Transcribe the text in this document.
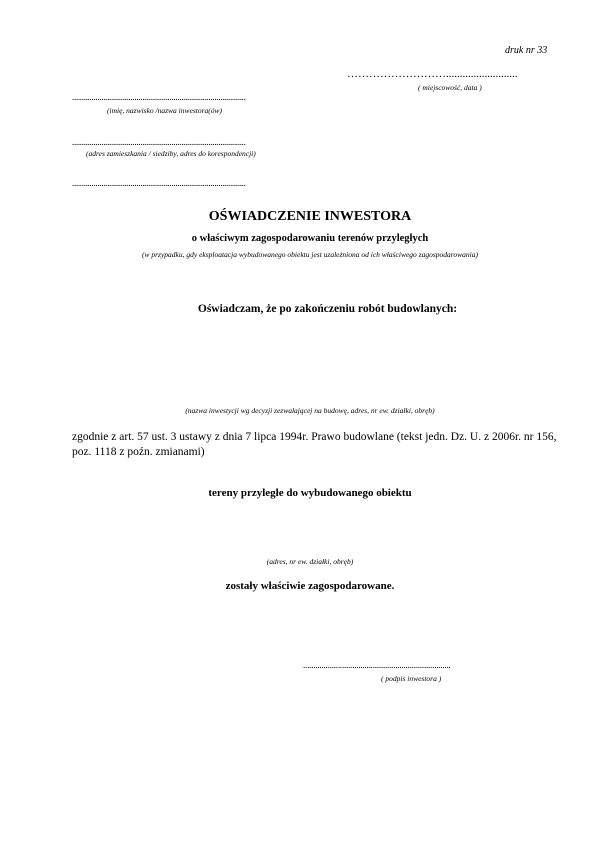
druk nr 33
………………………..........................
( miejscowość, data )
.........................................................................................
(imię, nazwisko /nazwa inwestora(ów)
.........................................................................................
(adres zamieszkania / siedziby, adres do korespondencji)
.........................................................................................
OŚWIADCZENIE INWESTORA
o właściwym zagospodarowaniu terenów przyległych
(w przypadku, gdy eksploatacja wybudowanego obiektu jest uzależniona od ich właściwego zagospodarowania)
Oświadczam, że po zakończeniu robót budowlanych:
(nazwa inwestycji wg decyzji zezwalającej na budowę, adres, nr ew. działki, obręb)
zgodnie z art. 57 ust. 3 ustawy z dnia 7 lipca 1994r. Prawo budowlane (tekst jedn. Dz. U. z 2006r. nr 156, poz. 1118 z poźn. zmianami)
tereny przyległe do wybudowanego obiektu
(adres, nr ew. działki, obręb)
zostały właściwie zagospodarowane.
........................................................................
( podpis inwestora )
